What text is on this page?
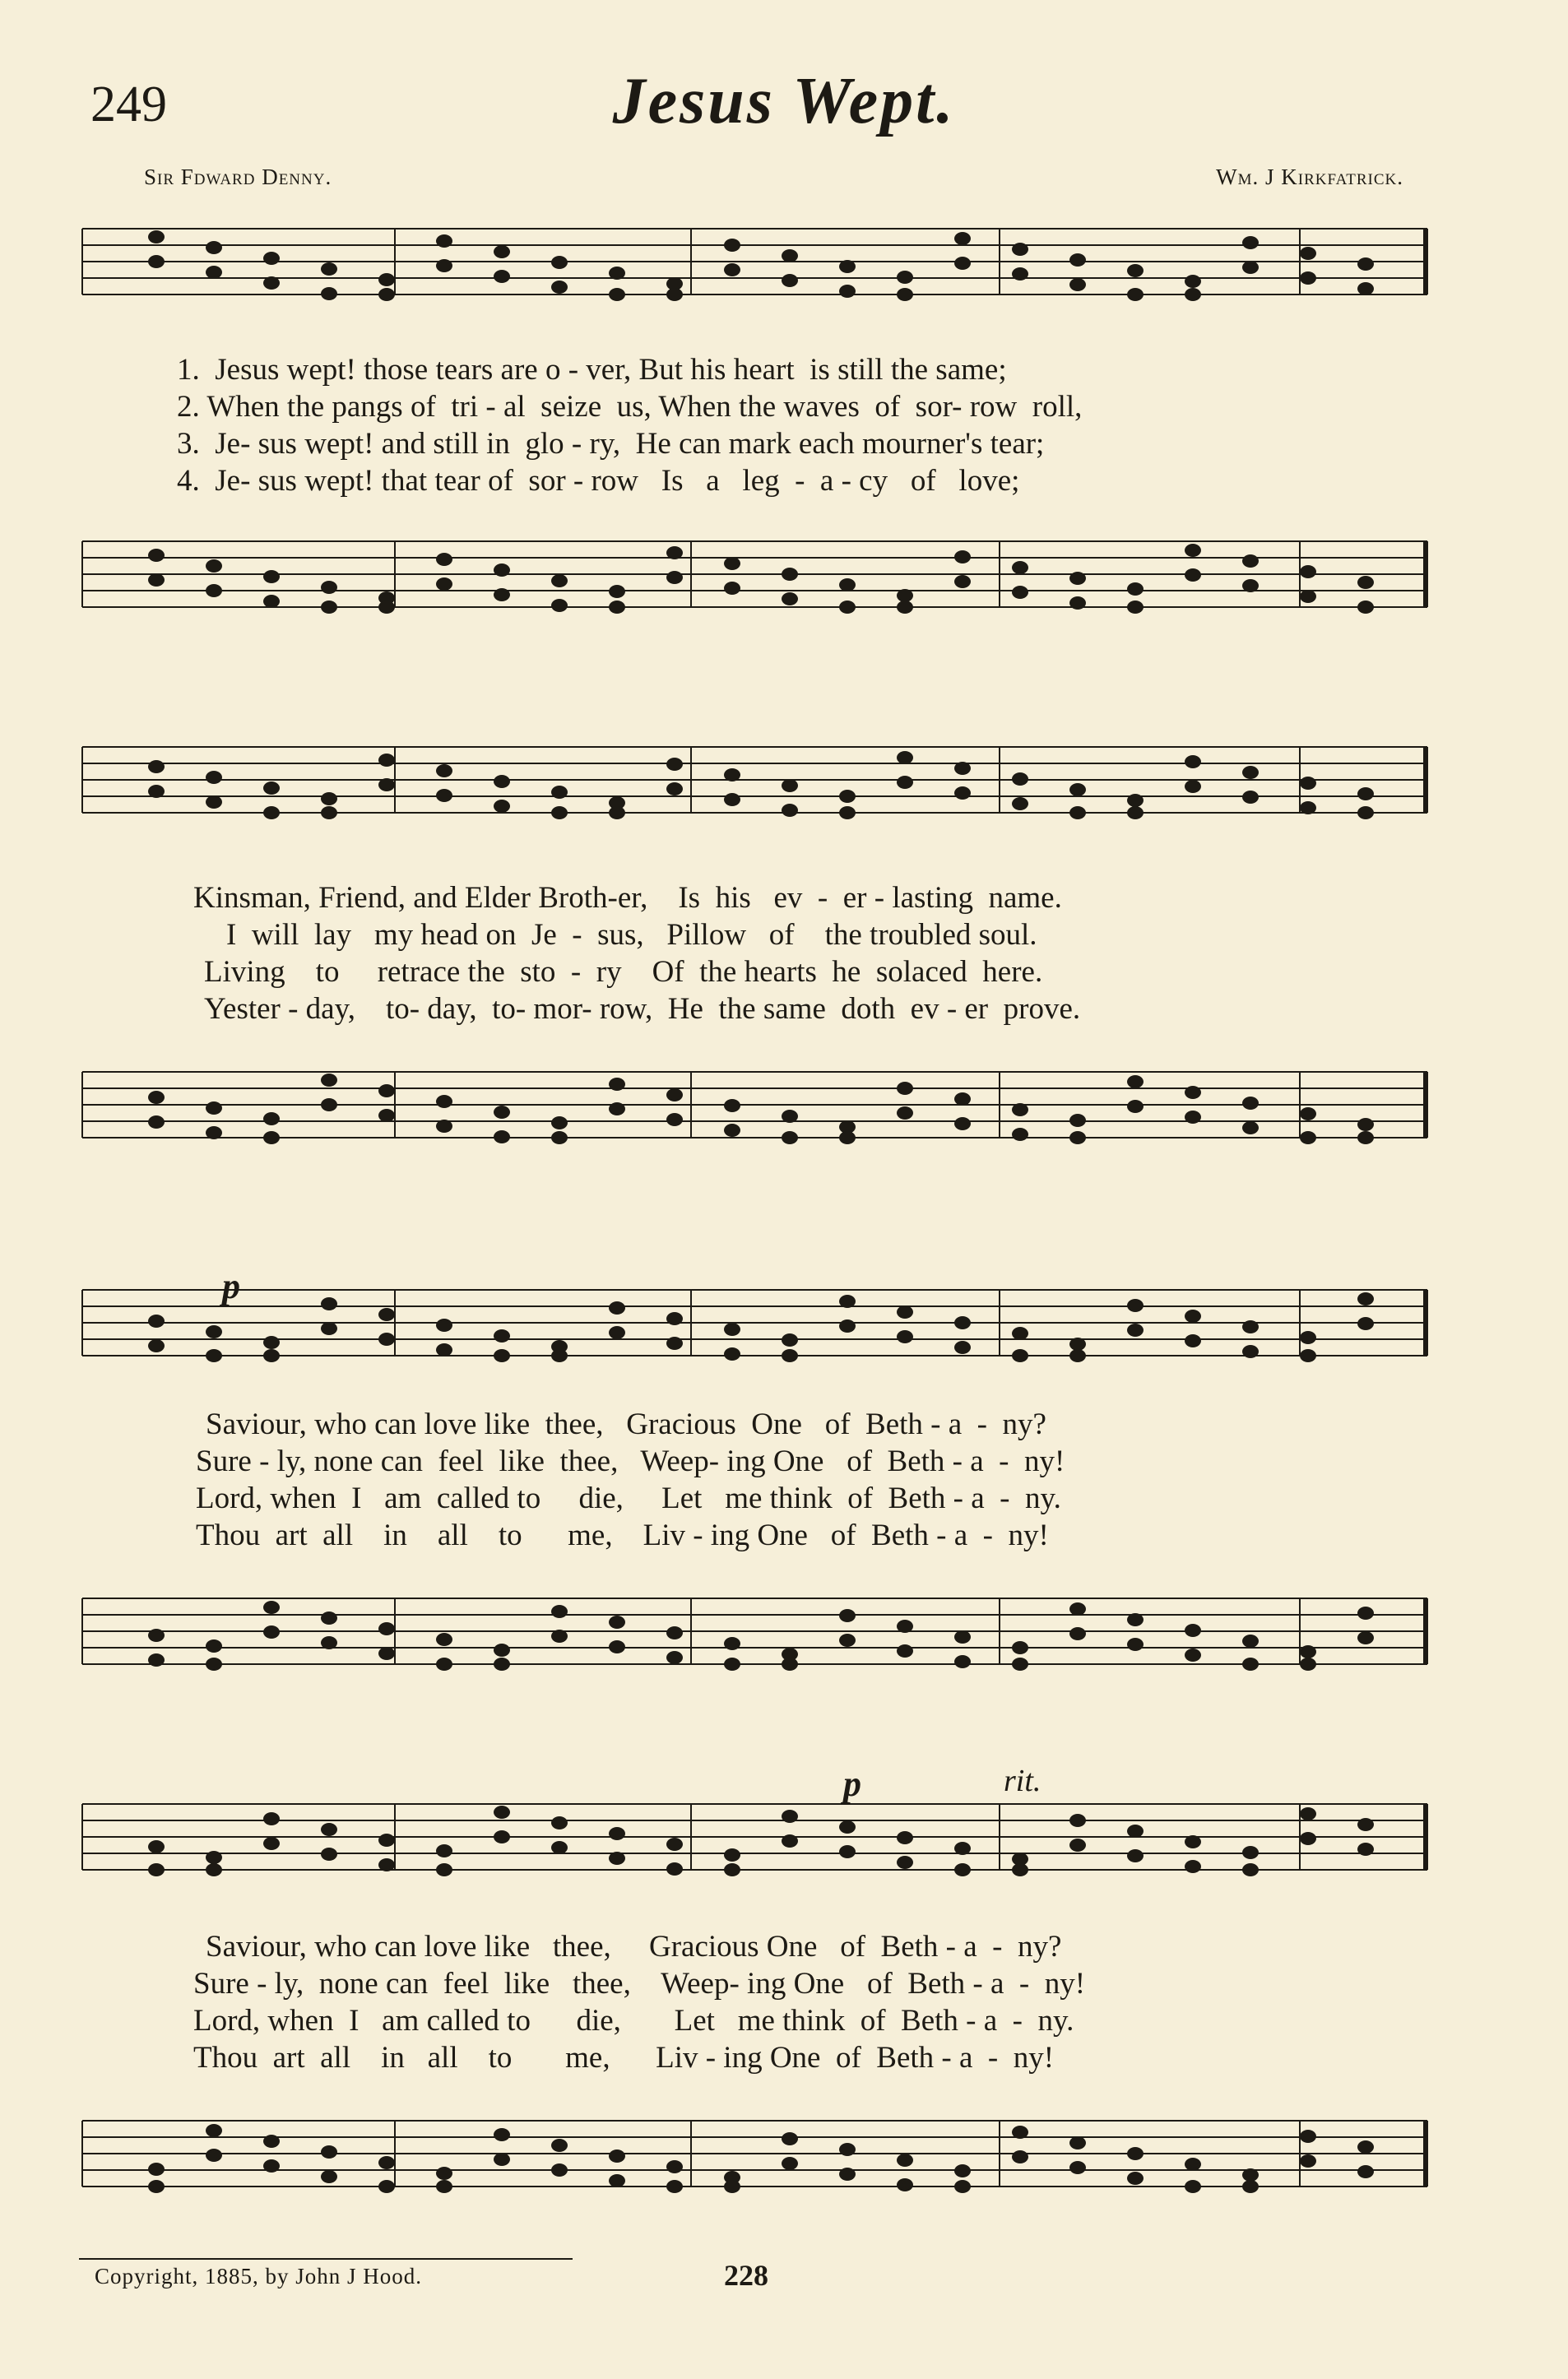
249	Jesus Wept.
Sir Fdward Denny.	Wm. J Kirkfatrick.
1.  Jesus wept! those tears are o - ver, But his heart  is still the same;
2. When the pangs of  tri - al  seize  us, When the waves  of  sor- row  roll,
3.  Je- sus wept! and still in  glo - ry,  He can mark each mourner's tear;
4.  Je- sus wept! that tear of  sor - row   Is   a   leg  -  a - cy   of   love;
Kinsman, Friend, and Elder Broth-er,    Is  his   ev  -  er - lasting  name.
I  will  lay   my head on  Je  -  sus,   Pillow   of    the troubled soul.
Living    to     retrace the  sto  -  ry    Of  the hearts  he  solaced  here.
Yester - day,    to- day,  to- mor- row,  He  the same  doth  ev - er  prove.
p
Saviour, who can love like  thee,   Gracious  One   of  Beth - a  -  ny?
Sure - ly, none can  feel  like  thee,   Weep- ing One   of  Beth - a  -  ny!
Lord, when  I   am  called to     die,     Let   me think  of  Beth - a  -  ny.
Thou  art  all    in    all    to      me,    Liv - ing One   of  Beth - a  -  ny!
p	rit.
Saviour, who can love like   thee,     Gracious One   of  Beth - a  -  ny?
Sure - ly,  none can  feel  like   thee,    Weep- ing One   of  Beth - a  -  ny!
Lord, when  I   am called to      die,       Let   me think  of  Beth - a  -  ny.
Thou  art  all    in   all    to       me,      Liv - ing One  of  Beth - a  -  ny!
Copyright, 1885, by John J Hood.	228
